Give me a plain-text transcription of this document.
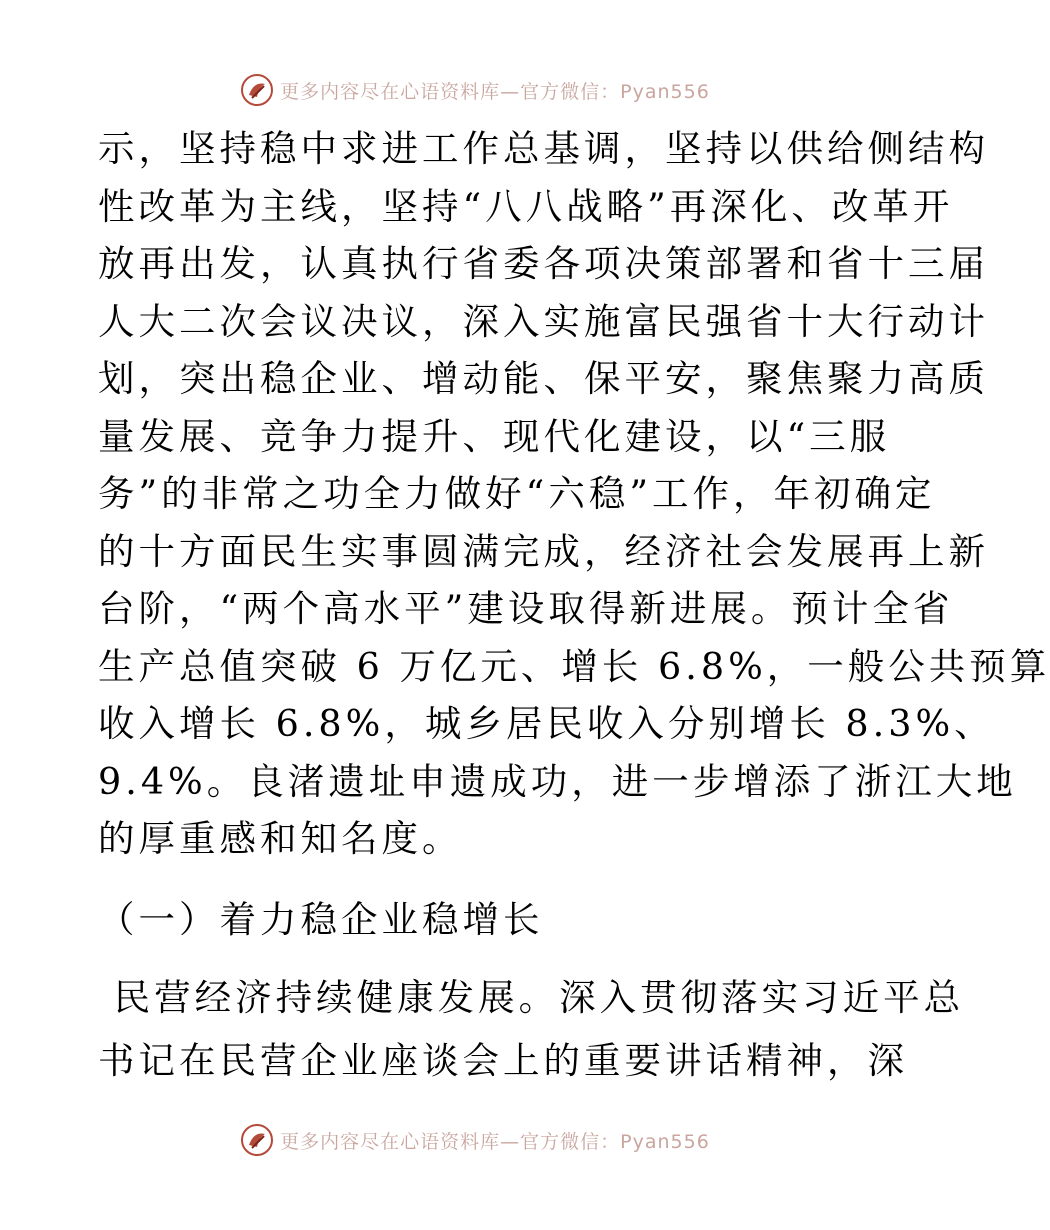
更多内容尽在心语资料库—官方微信：Pyan556
示，坚持稳中求进工作总基调，坚持以供给侧结构
性改革为主线，坚持“八八战略”再深化、改革开
放再出发，认真执行省委各项决策部署和省十三届
人大二次会议决议，深入实施富民强省十大行动计
划，突出稳企业、增动能、保平安，聚焦聚力高质
量发展、竞争力提升、现代化建设，以“三服
务”的非常之功全力做好“六稳”工作，年初确定
的十方面民生实事圆满完成，经济社会发展再上新
台阶，“两个高水平”建设取得新进展。预计全省
生产总值突破 6 万亿元、增长 6.8%，一般公共预算
收入增长 6.8%，城乡居民收入分别增长 8.3%、
9.4%。良渚遗址申遗成功，进一步增添了浙江大地
的厚重感和知名度。
（一）着力稳企业稳增长
民营经济持续健康发展。深入贯彻落实习近平总
书记在民营企业座谈会上的重要讲话精神，深
更多内容尽在心语资料库—官方微信：Pyan556
